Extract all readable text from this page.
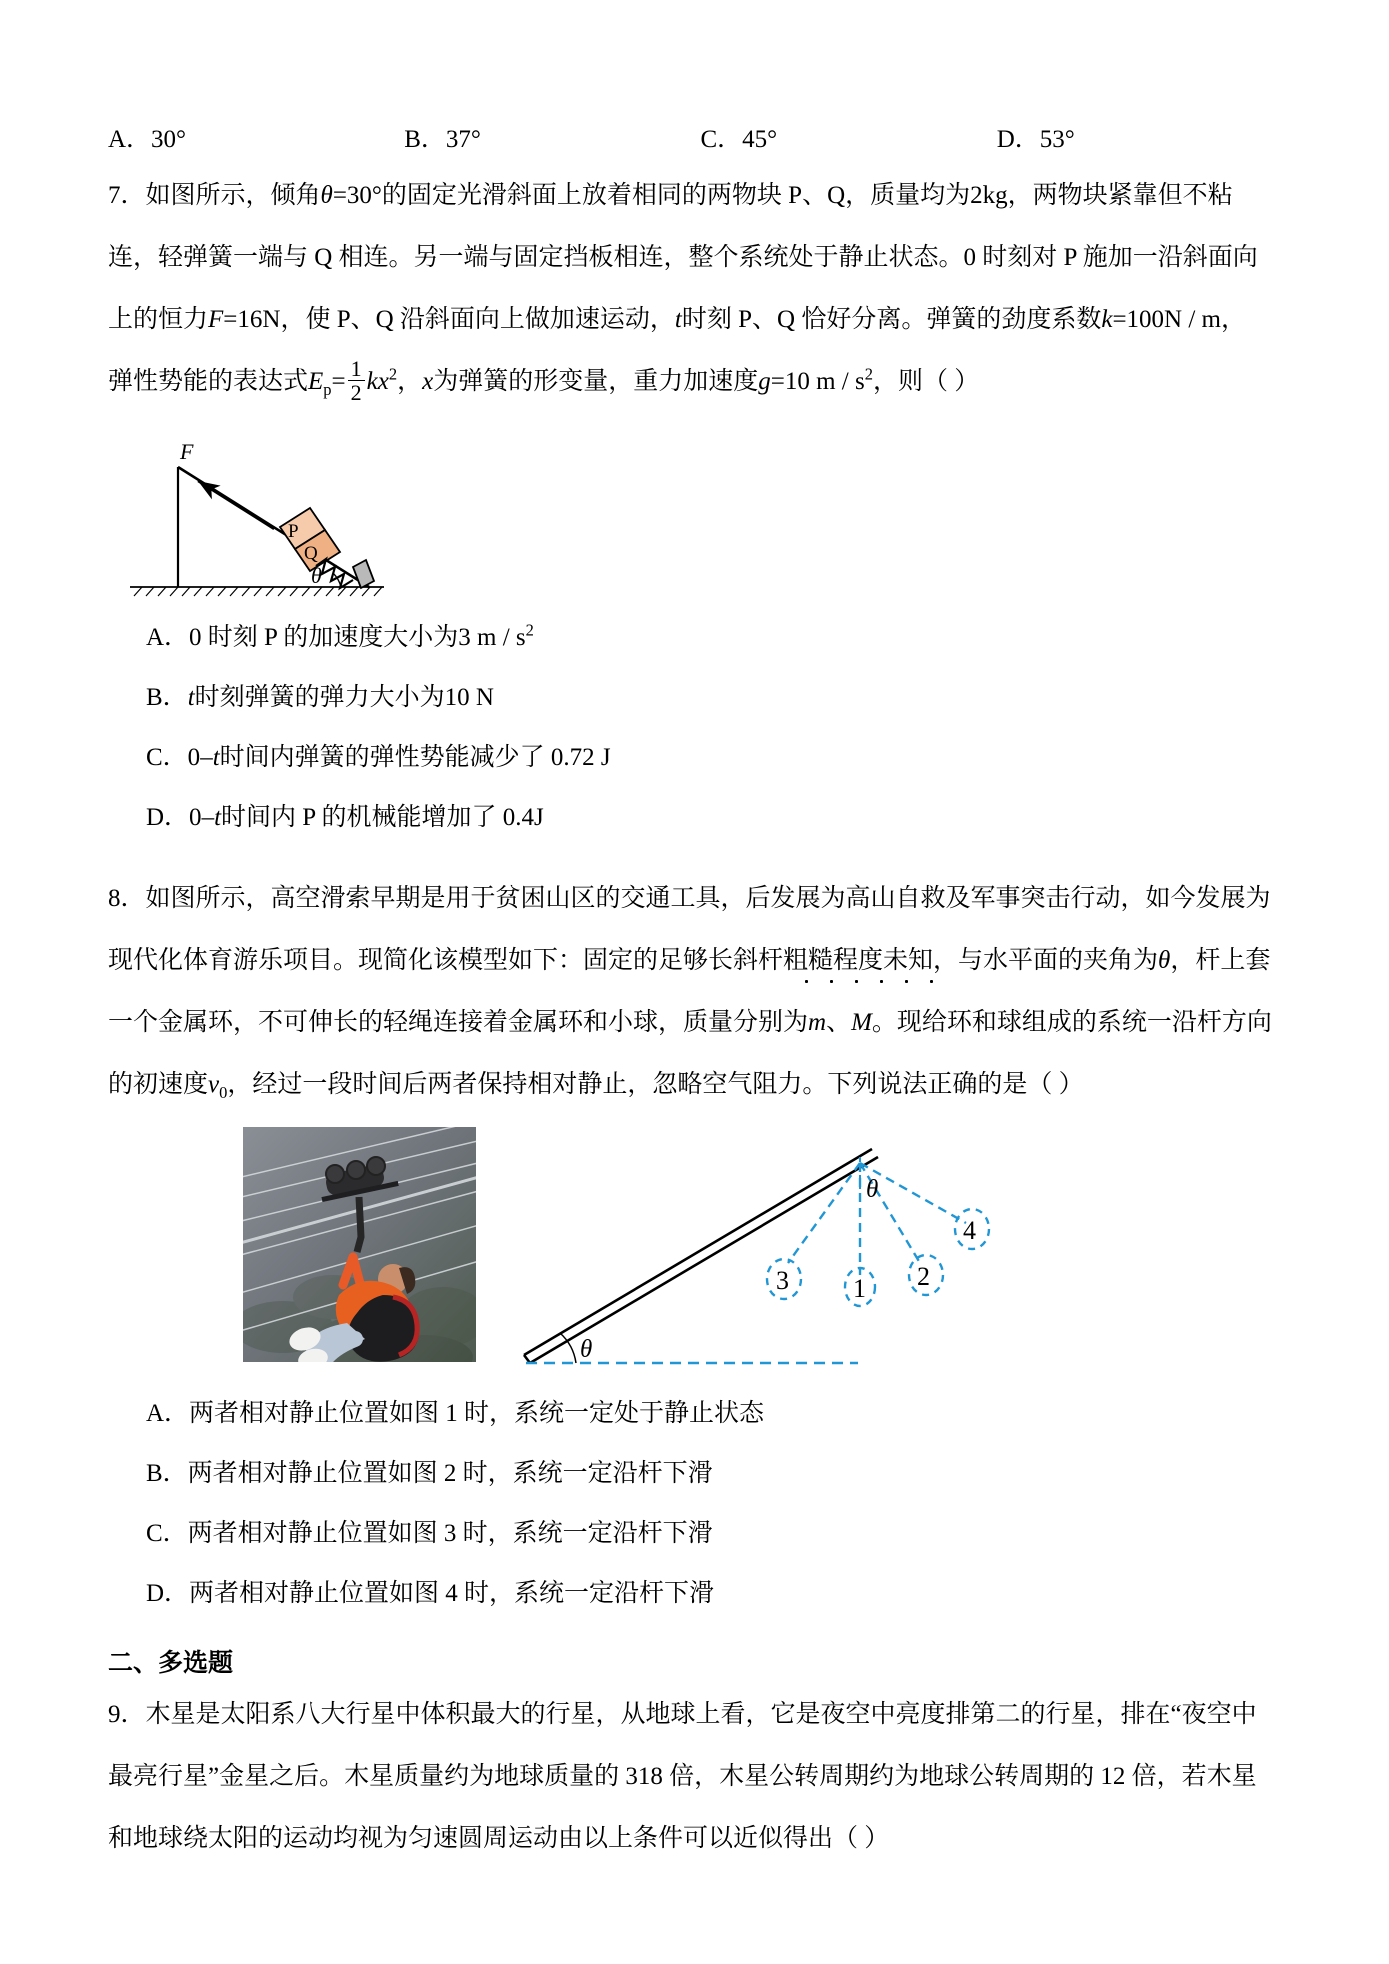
A．30°	B．37°	C．45°	D．53°
7．如图所示，倾角θ=30°的固定光滑斜面上放着相同的两物块 P、Q，质量均为2kg，两物块紧靠但不粘
连，轻弹簧一端与 Q 相连。另一端与固定挡板相连，整个系统处于静止状态。0 时刻对 P 施加一沿斜面向
上的恒力F=16N，使 P、Q 沿斜面向上做加速运动，t时刻 P、Q 恰好分离。弹簧的劲度系数k=100N / m，
弹性势能的表达式$E_p= \frac{1}{2} kx^2$，x为弹簧的形变量，重力加速度g=10 m / $s^2$，则（ ）
F
P
Q
θ
A．0 时刻 P 的加速度大小为3 m / $s^2$
B．t时刻弹簧的弹力大小为10 N
C．0–t时间内弹簧的弹性势能减少了 0.72 J
D．0–t时间内 P 的机械能增加了 0.4J
8．如图所示，高空滑索早期是用于贫困山区的交通工具，后发展为高山自救及军事突击行动，如今发展为
现代化体育游乐项目。现简化该模型如下：固定的足够长斜杆粗糙程度未知，与水平面的夹角为θ，杆上套
一个金属环，不可伸长的轻绳连接着金属环和小球，质量分别为m、M。现给环和球组成的系统一沿杆方向
的初速度$v_0$，经过一段时间后两者保持相对静止，忽略空气阻力。下列说法正确的是（ ）
θ
θ
3 1 2
4
A．两者相对静止位置如图 1 时，系统一定处于静止状态
B．两者相对静止位置如图 2 时，系统一定沿杆下滑
C．两者相对静止位置如图 3 时，系统一定沿杆下滑
D．两者相对静止位置如图 4 时，系统一定沿杆下滑
二、多选题
9．木星是太阳系八大行星中体积最大的行星，从地球上看，它是夜空中亮度排第二的行星，排在“夜空中
最亮行星”金星之后。木星质量约为地球质量的 318 倍，木星公转周期约为地球公转周期的 12 倍，若木星
和地球绕太阳的运动均视为匀速圆周运动由以上条件可以近似得出（ ）
